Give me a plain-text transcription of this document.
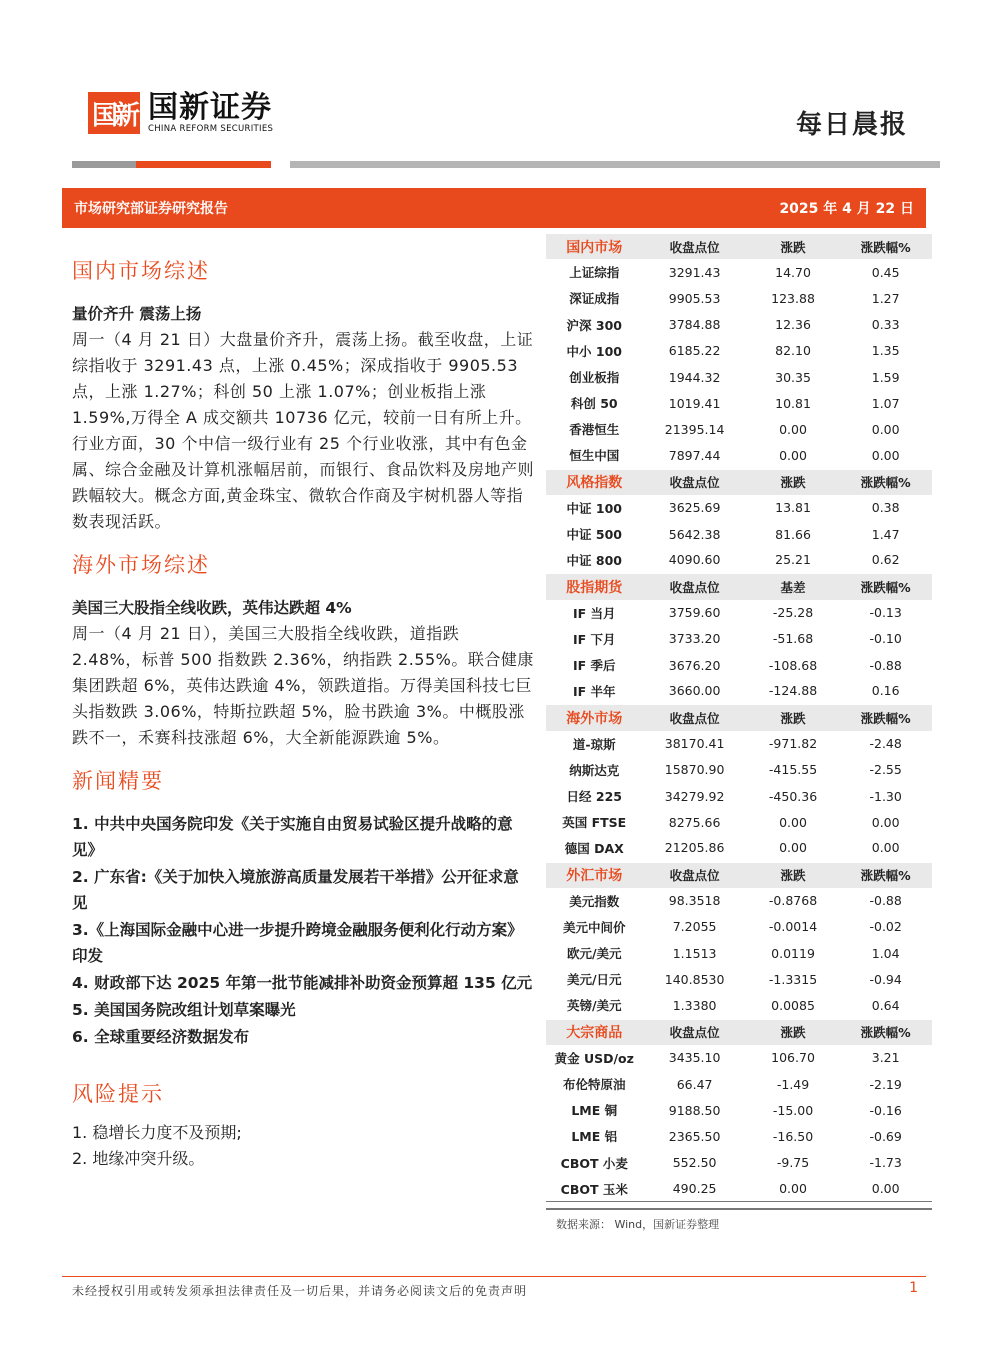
国新 国新证券
CHINA REFORM SECURITIES	每日晨报
市场研究部证券研究报告	2025 年 4 月 22 日
国内市场综述
量价齐升 震荡上扬
周一（4 月 21 日）大盘量价齐升，震荡上扬。截至收盘，上证综指收于 3291.43 点，上涨 0.45%；深成指收于 9905.53 点，上涨 1.27%；科创 50 上涨 1.07%；创业板指上涨 1.59%,万得全 A 成交额共 10736 亿元，较前一日有所上升。
行业方面，30 个中信一级行业有 25 个行业收涨，其中有色金属、综合金融及计算机涨幅居前，而银行、食品饮料及房地产则跌幅较大。概念方面,黄金珠宝、微软合作商及宇树机器人等指数表现活跃。
海外市场综述
美国三大股指全线收跌，英伟达跌超 4%
周一（4 月 21 日），美国三大股指全线收跌，道指跌 2.48%，标普 500 指数跌 2.36%，纳指跌 2.55%。联合健康集团跌超 6%，英伟达跌逾 4%，领跌道指。万得美国科技七巨头指数跌 3.06%，特斯拉跌超 5%，脸书跌逾 3%。中概股涨跌不一，禾赛科技涨超 6%，大全新能源跌逾 5%。
新闻精要
1. 中共中央国务院印发《关于实施自由贸易试验区提升战略的意见》
2. 广东省:《关于加快入境旅游高质量发展若干举措》公开征求意见
3.《上海国际金融中心进一步提升跨境金融服务便利化行动方案》印发
4. 财政部下达 2025 年第一批节能减排补助资金预算超 135 亿元
5. 美国国务院改组计划草案曝光
6. 全球重要经济数据发布
风险提示
1. 稳增长力度不及预期;
2. 地缘冲突升级。
国内市场	收盘点位	涨跌	涨跌幅%
上证综指	3291.43	14.70	0.45
深证成指	9905.53	123.88	1.27
沪深 300	3784.88	12.36	0.33
中小 100	6185.22	82.10	1.35
创业板指	1944.32	30.35	1.59
科创 50	1019.41	10.81	1.07
香港恒生	21395.14	0.00	0.00
恒生中国	7897.44	0.00	0.00
风格指数	收盘点位	涨跌	涨跌幅%
中证 100	3625.69	13.81	0.38
中证 500	5642.38	81.66	1.47
中证 800	4090.60	25.21	0.62
股指期货	收盘点位	基差	涨跌幅%
IF 当月	3759.60	-25.28	-0.13
IF 下月	3733.20	-51.68	-0.10
IF 季后	3676.20	-108.68	-0.88
IF 半年	3660.00	-124.88	0.16
海外市场	收盘点位	涨跌	涨跌幅%
道-琼斯	38170.41	-971.82	-2.48
纳斯达克	15870.90	-415.55	-2.55
日经 225	34279.92	-450.36	-1.30
英国 FTSE	8275.66	0.00	0.00
德国 DAX	21205.86	0.00	0.00
外汇市场	收盘点位	涨跌	涨跌幅%
美元指数	98.3518	-0.8768	-0.88
美元中间价	7.2055	-0.0014	-0.02
欧元/美元	1.1513	0.0119	1.04
美元/日元	140.8530	-1.3315	-0.94
英镑/美元	1.3380	0.0085	0.64
大宗商品	收盘点位	涨跌	涨跌幅%
黄金 USD/oz	3435.10	106.70	3.21
布伦特原油	66.47	-1.49	-2.19
LME 铜	9188.50	-15.00	-0.16
LME 铝	2365.50	-16.50	-0.69
CBOT 小麦	552.50	-9.75	-1.73
CBOT 玉米	490.25	0.00	0.00
数据来源： Wind，国新证券整理
未经授权引用或转发须承担法律责任及一切后果，并请务必阅读文后的免责声明	1
